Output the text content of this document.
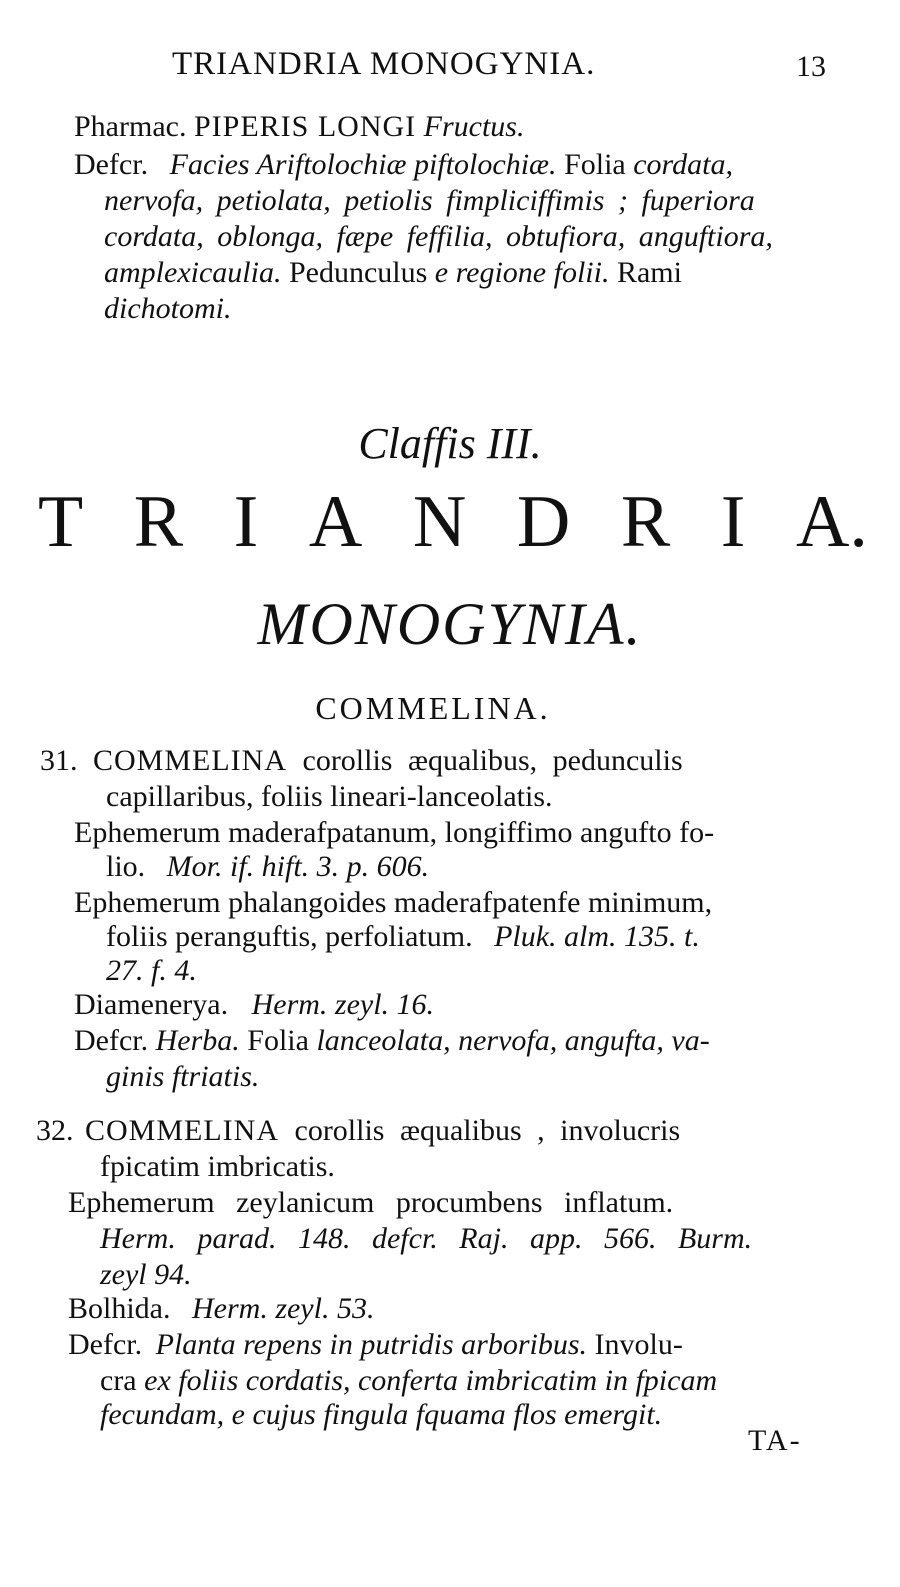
TRIANDRIA MONOGYNIA.	13
Pharmac. PIPERIS LONGI Fructus.
Defcr. Facies Ariftolochiæ piftolochiæ. Folia cordata,
nervofa, petiolata, petiolis fimpliciffimis ; fuperiora
cordata, oblonga, fæpe feffilia, obtufiora, anguftiora,
amplexicaulia. Pedunculus e regione folii. Rami
dichotomi.
Claffis III.
T R I A N D R I A.
MONOGYNIA.
COMMELINA.
31. COMMELINA corollis æqualibus, pedunculis
capillaribus, foliis lineari-lanceolatis.
Ephemerum maderafpatanum, longiffimo angufto fo-
lio. Mor. if. hift. 3. p. 606.
Ephemerum phalangoides maderafpatenfe minimum,
foliis peranguftis, perfoliatum. Pluk. alm. 135. t.
27. f. 4.
Diamenerya. Herm. zeyl. 16.
Defcr. Herba. Folia lanceolata, nervofa, angufta, va-
ginis ftriatis.
32. COMMELINA corollis æqualibus , involucris
fpicatim imbricatis.
Ephemerum zeylanicum procumbens inflatum.
Herm. parad. 148. defcr. Raj. app. 566. Burm.
zeyl 94.
Bolhida. Herm. zeyl. 53.
Defcr. Planta repens in putridis arboribus. Involu-
cra ex foliis cordatis, conferta imbricatim in fpicam
fecundam, e cujus fingula fquama flos emergit.
TA-
